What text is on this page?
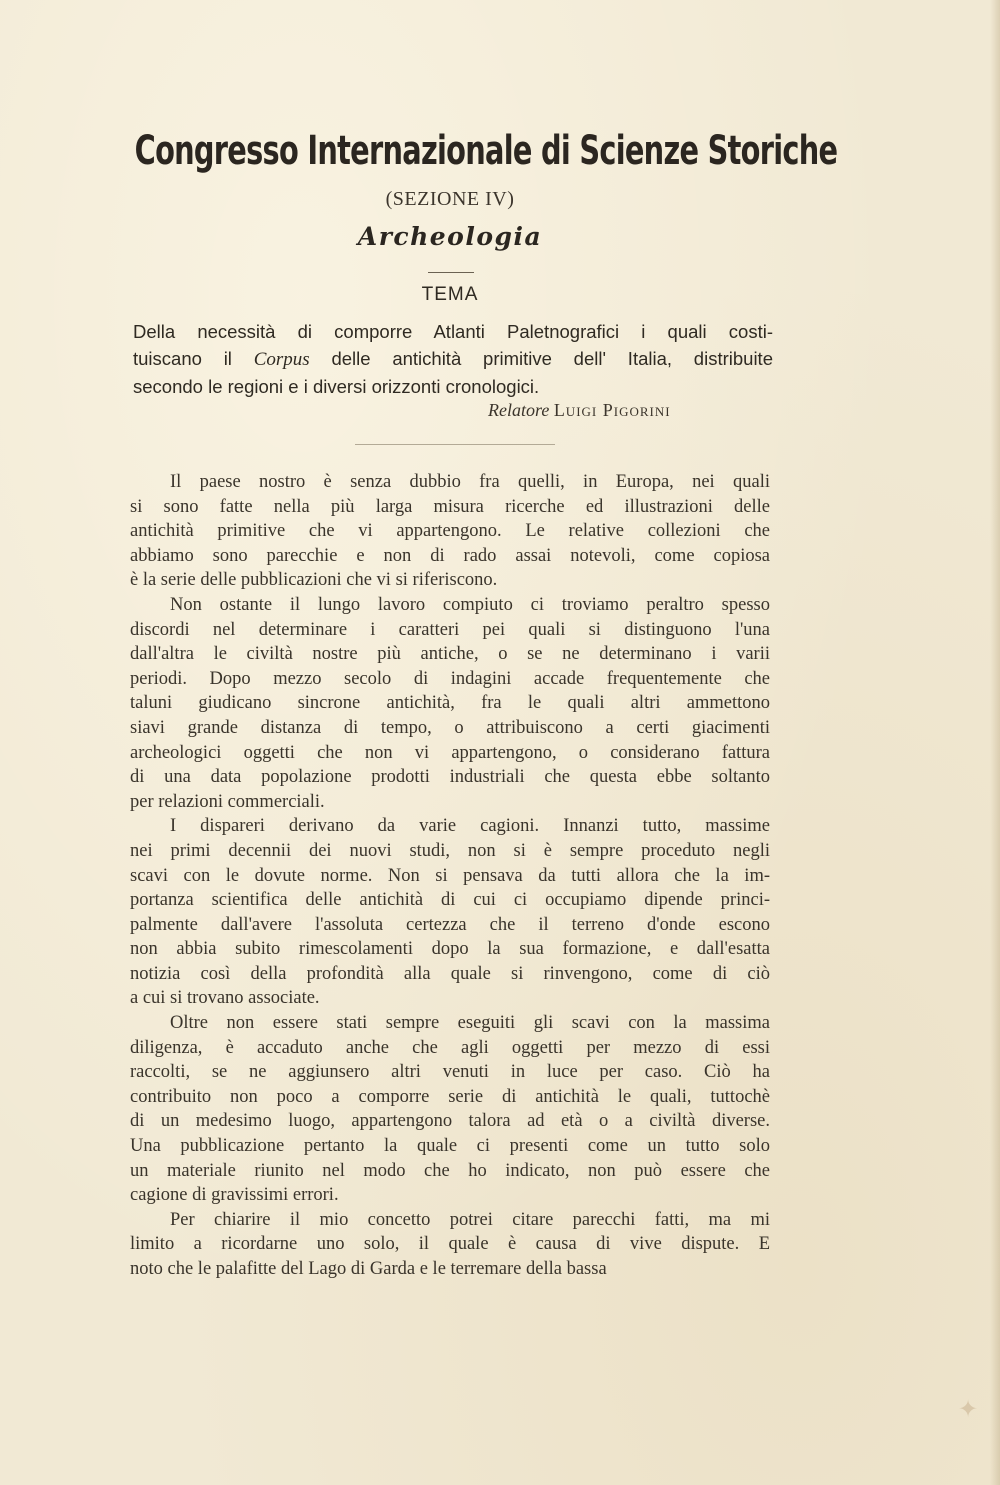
Congresso Internazionale di Scienze Storiche
(SEZIONE IV)
Archeologia
TEMA
Della necessità di comporre Atlanti Paletnografici i quali costi-
tuiscano il Corpus delle antichità primitive dell' Italia, distribuite
secondo le regioni e i diversi orizzonti cronologici.
Relatore Luigi Pigorini
Il paese nostro è senza dubbio fra quelli, in Europa, nei quali
si sono fatte nella più larga misura ricerche ed illustrazioni delle
antichità primitive che vi appartengono. Le relative collezioni che
abbiamo sono parecchie e non di rado assai notevoli, come copiosa
è la serie delle pubblicazioni che vi si riferiscono.
Non ostante il lungo lavoro compiuto ci troviamo peraltro spesso
discordi nel determinare i caratteri pei quali si distinguono l'una
dall'altra le civiltà nostre più antiche, o se ne determinano i varii
periodi. Dopo mezzo secolo di indagini accade frequentemente che
taluni giudicano sincrone antichità, fra le quali altri ammettono
siavi grande distanza di tempo, o attribuiscono a certi giacimenti
archeologici oggetti che non vi appartengono, o considerano fattura
di una data popolazione prodotti industriali che questa ebbe soltanto
per relazioni commerciali.
I dispareri derivano da varie cagioni. Innanzi tutto, massime
nei primi decennii dei nuovi studi, non si è sempre proceduto negli
scavi con le dovute norme. Non si pensava da tutti allora che la im-
portanza scientifica delle antichità di cui ci occupiamo dipende princi-
palmente dall'avere l'assoluta certezza che il terreno d'onde escono
non abbia subito rimescolamenti dopo la sua formazione, e dall'esatta
notizia così della profondità alla quale si rinvengono, come di ciò
a cui si trovano associate.
Oltre non essere stati sempre eseguiti gli scavi con la massima
diligenza, è accaduto anche che agli oggetti per mezzo di essi
raccolti, se ne aggiunsero altri venuti in luce per caso. Ciò ha
contribuito non poco a comporre serie di antichità le quali, tuttochè
di un medesimo luogo, appartengono talora ad età o a civiltà diverse.
Una pubblicazione pertanto la quale ci presenti come un tutto solo
un materiale riunito nel modo che ho indicato, non può essere che
cagione di gravissimi errori.
Per chiarire il mio concetto potrei citare parecchi fatti, ma mi
limito a ricordarne uno solo, il quale è causa di vive dispute. E
noto che le palafitte del Lago di Garda e le terremare della bassa
✦
